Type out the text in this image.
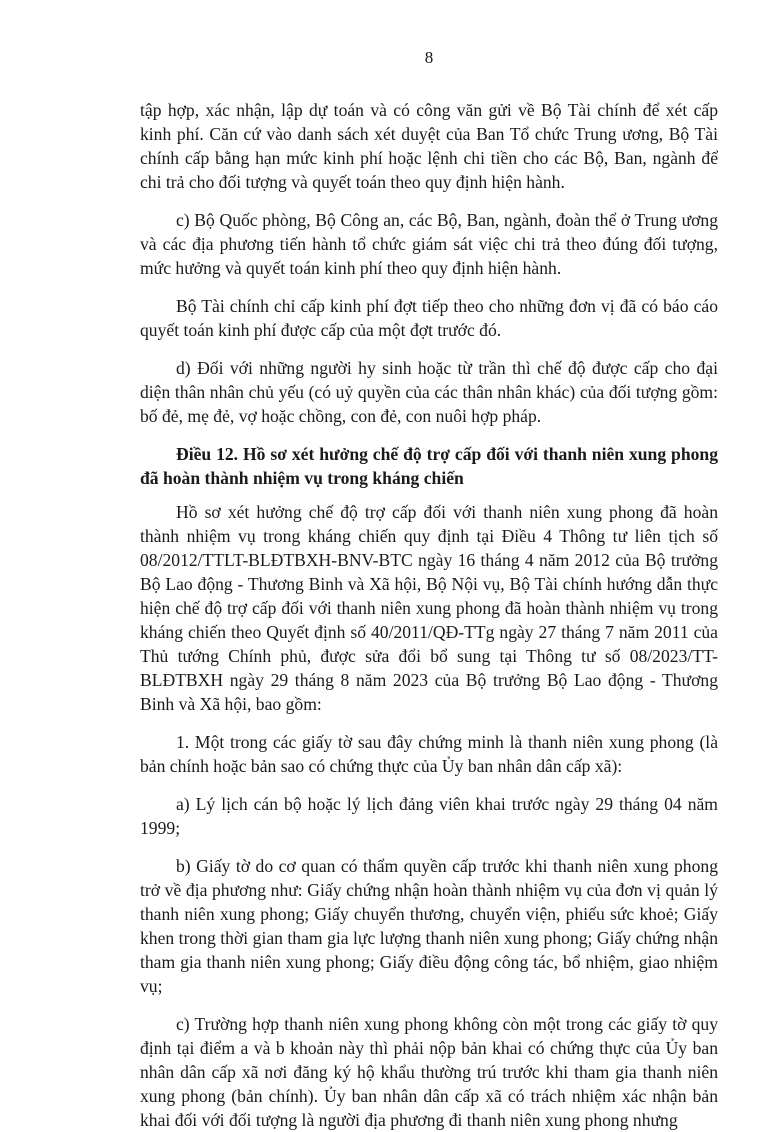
8

tập hợp, xác nhận, lập dự toán và có công văn gửi về Bộ Tài chính để xét cấp kinh phí. Căn cứ vào danh sách xét duyệt của Ban Tổ chức Trung ương, Bộ Tài chính cấp bằng hạn mức kinh phí hoặc lệnh chi tiền cho các Bộ, Ban, ngành để chi trả cho đối tượng và quyết toán theo quy định hiện hành.

c) Bộ Quốc phòng, Bộ Công an, các Bộ, Ban, ngành, đoàn thể ở Trung ương và các địa phương tiến hành tổ chức giám sát việc chi trả theo đúng đối tượng, mức hưởng và quyết toán kinh phí theo quy định hiện hành.

Bộ Tài chính chỉ cấp kinh phí đợt tiếp theo cho những đơn vị đã có báo cáo quyết toán kinh phí được cấp của một đợt trước đó.

d) Đối với những người hy sinh hoặc từ trần thì chế độ được cấp cho đại diện thân nhân chủ yếu (có uỷ quyền của các thân nhân khác) của đối tượng gồm: bố đẻ, mẹ đẻ, vợ hoặc chồng, con đẻ, con nuôi hợp pháp.

Điều 12. Hồ sơ xét hưởng chế độ trợ cấp đối với thanh niên xung phong đã hoàn thành nhiệm vụ trong kháng chiến

Hồ sơ xét hưởng chế độ trợ cấp đối với thanh niên xung phong đã hoàn thành nhiệm vụ trong kháng chiến quy định tại Điều 4 Thông tư liên tịch số 08/2012/TTLT-BLĐTBXH-BNV-BTC ngày 16 tháng 4 năm 2012 của Bộ trưởng Bộ Lao động - Thương Binh và Xã hội, Bộ Nội vụ, Bộ Tài chính hướng dẫn thực hiện chế độ trợ cấp đối với thanh niên xung phong đã hoàn thành nhiệm vụ trong kháng chiến theo Quyết định số 40/2011/QĐ-TTg ngày 27 tháng 7 năm 2011 của Thủ tướng Chính phủ, được sửa đổi bổ sung tại Thông tư số 08/2023/TT-BLĐTBXH ngày 29 tháng 8 năm 2023 của Bộ trưởng Bộ Lao động - Thương Binh và Xã hội, bao gồm:

1. Một trong các giấy tờ sau đây chứng minh là thanh niên xung phong (là bản chính hoặc bản sao có chứng thực của Ủy ban nhân dân cấp xã):

a) Lý lịch cán bộ hoặc lý lịch đảng viên khai trước ngày 29 tháng 04 năm 1999;

b) Giấy tờ do cơ quan có thẩm quyền cấp trước khi thanh niên xung phong trở về địa phương như: Giấy chứng nhận hoàn thành nhiệm vụ của đơn vị quản lý thanh niên xung phong; Giấy chuyển thương, chuyển viện, phiếu sức khoẻ; Giấy khen trong thời gian tham gia lực lượng thanh niên xung phong; Giấy chứng nhận tham gia thanh niên xung phong; Giấy điều động công tác, bổ nhiệm, giao nhiệm vụ;

c) Trường hợp thanh niên xung phong không còn một trong các giấy tờ quy định tại điểm a và b khoản này thì phải nộp bản khai có chứng thực của Ủy ban nhân dân cấp xã nơi đăng ký hộ khẩu thường trú trước khi tham gia thanh niên xung phong (bản chính). Ủy ban nhân dân cấp xã có trách nhiệm xác nhận bản khai đối với đối tượng là người địa phương đi thanh niên xung phong nhưng
